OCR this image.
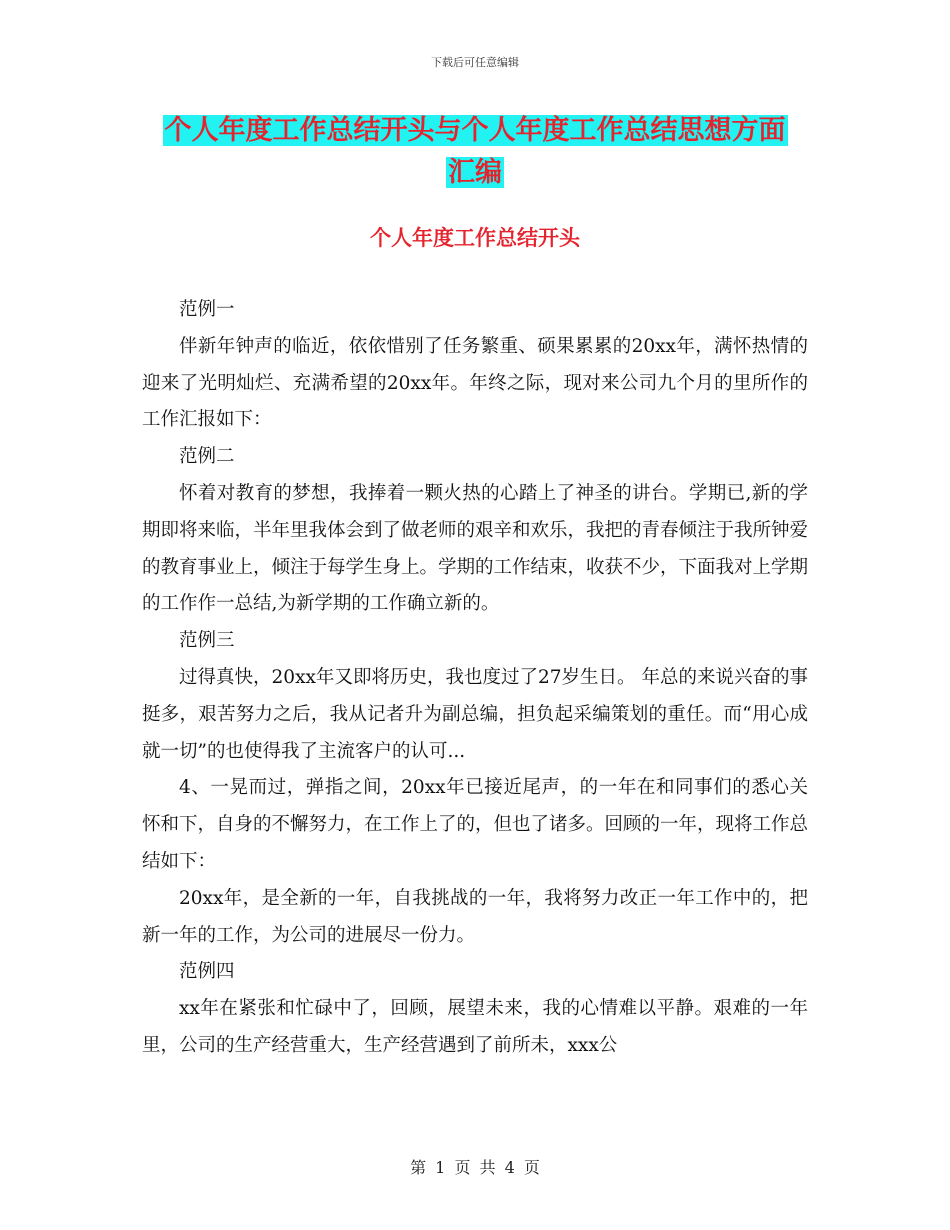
下载后可任意编辑
个人年度工作总结开头与个人年度工作总结思想方面
汇编
个人年度工作总结开头

范例一

伴新年钟声的临近，依依惜别了任务繁重、硕果累累的20xx年，满怀热情的迎来了光明灿烂、充满希望的20xx年。年终之际，现对来公司九个月的里所作的工作汇报如下：

范例二

怀着对教育的梦想，我捧着一颗火热的心踏上了神圣的讲台。学期已,新的学期即将来临，半年里我体会到了做老师的艰辛和欢乐，我把的青春倾注于我所钟爱的教育事业上，倾注于每学生身上。学期的工作结束，收获不少，下面我对上学期的工作作一总结,为新学期的工作确立新的。

范例三

过得真快，20xx年又即将历史，我也度过了27岁生日。 年总的来说兴奋的事挺多，艰苦努力之后，我从记者升为副总编，担负起采编策划的重任。而“用心成就一切”的也使得我了主流客户的认可...

4、一晃而过，弹指之间，20xx年已接近尾声，的一年在和同事们的悉心关怀和下，自身的不懈努力，在工作上了的，但也了诸多。回顾的一年，现将工作总结如下：

20xx年，是全新的一年，自我挑战的一年，我将努力改正一年工作中的，把新一年的工作，为公司的进展尽一份力。

范例四

xx年在紧张和忙碌中了，回顾，展望未来，我的心情难以平静。艰难的一年里，公司的生产经营重大，生产经营遇到了前所未，xxx公

第 1 页 共 4 页
